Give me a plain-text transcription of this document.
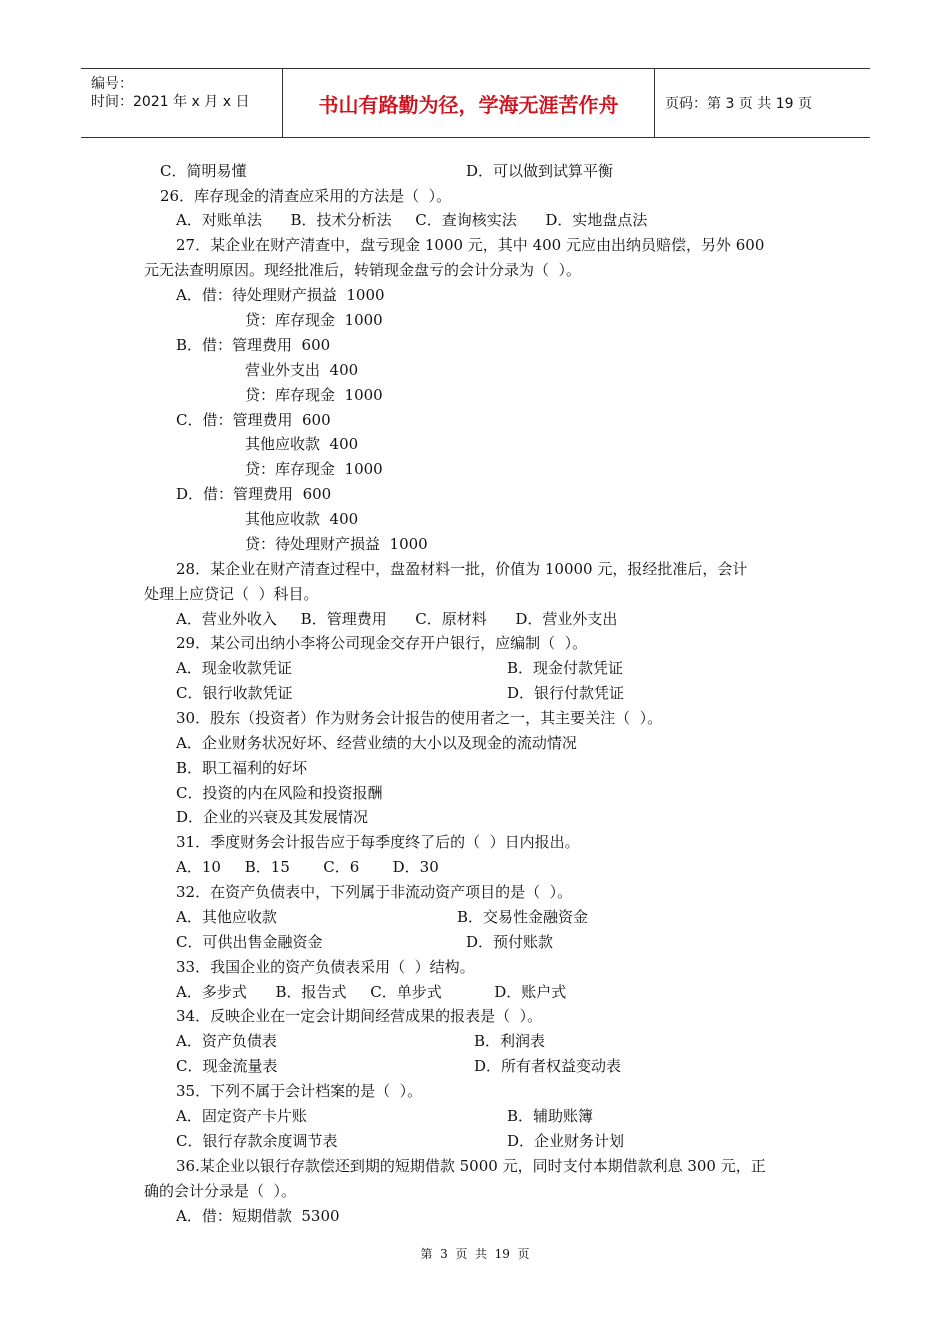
编号：
时间：2021 年 x 月 x 日	书山有路勤为径，学海无涯苦作舟	页码：第 3 页 共 19 页
C．简明易懂	D．可以做到试算平衡
26．库存现金的清查应采用的方法是（  ）。
A．对账单法      B．技术分析法     C．查询核实法      D．实地盘点法
27．某企业在财产清查中，盘亏现金 1000 元，其中 400 元应由出纳员赔偿，另外 600
元无法查明原因。现经批准后，转销现金盘亏的会计分录为（  ）。
A．借：待处理财产损益  1000
贷：库存现金  1000
B．借：管理费用  600
营业外支出  400
贷：库存现金  1000
C．借：管理费用  600
其他应收款  400
贷：库存现金  1000
D．借：管理费用  600
其他应收款  400
贷：待处理财产损益  1000
28．某企业在财产清查过程中，盘盈材料一批，价值为 10000 元，报经批准后，会计
处理上应贷记（  ）科目。
A．营业外收入     B．管理费用      C．原材料      D．营业外支出
29．某公司出纳小李将公司现金交存开户银行，应编制（  ）。
A．现金收款凭证	B．现金付款凭证
C．银行收款凭证	D．银行付款凭证
30．股东（投资者）作为财务会计报告的使用者之一，其主要关注（  ）。
A．企业财务状况好坏、经营业绩的大小以及现金的流动情况
B．职工福利的好坏
C．投资的内在风险和投资报酬
D．企业的兴衰及其发展情况
31．季度财务会计报告应于每季度终了后的（  ）日内报出。
A．10     B．15       C．6       D．30
32．在资产负债表中，下列属于非流动资产项目的是（  ）。
A．其他应收款	B．交易性金融资金
C．可供出售金融资金	D．预付账款
33．我国企业的资产负债表采用（  ）结构。
A．多步式      B．报告式     C．单步式           D．账户式
34．反映企业在一定会计期间经营成果的报表是（  ）。
A．资产负债表	B．利润表
C．现金流量表	D．所有者权益变动表
35．下列不属于会计档案的是（  ）。
A．固定资产卡片账	B．辅助账簿
C．银行存款余度调节表	D．企业财务计划
36.某企业以银行存款偿还到期的短期借款 5000 元，同时支付本期借款利息 300 元，正
确的会计分录是（  ）。
A．借：短期借款  5300
第  3  页  共  19  页
